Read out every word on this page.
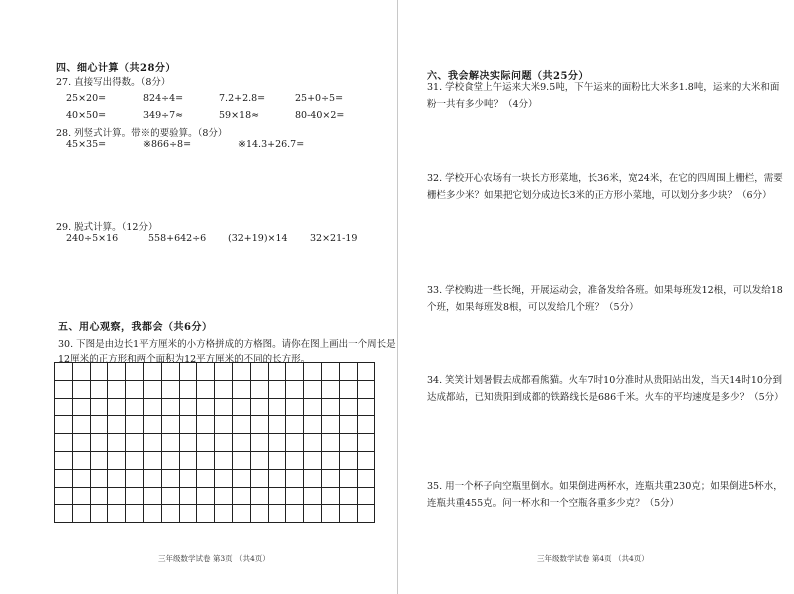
四、细心计算（共28分）
27. 直接写出得数。（8分）
25×20=	824÷4=	7.2+2.8=	25+0÷5=
40×50=	349÷7≈	59×18≈	80-40×2=
28. 列竖式计算。带※的要验算。（8分）
45×35=	※866÷8=	※14.3+26.7=
29. 脱式计算。（12分）
240÷5×16	558+642÷6 (32+19)×14 32×21-19
五、用心观察，我都会（共6分）
30. 下图是由边长1平方厘米的小方格拼成的方格图。请你在图上画出一个周长是
12厘米的正方形和两个面积为12平方厘米的不同的长方形。
三年级数学试卷 第3页 （共4页）
六、我会解决实际问题（共25分）
31. 学校食堂上午运来大米9.5吨，下午运来的面粉比大米多1.8吨，运来的大米和面粉一共有多少吨？（4分）
32. 学校开心农场有一块长方形菜地，长36米，宽24米，在它的四周围上栅栏，需要栅栏多少米？如果把它划分成边长3米的正方形小菜地，可以划分多少块？（6分）
33. 学校购进一些长绳，开展运动会，准备发给各班。如果每班发12根，可以发给18个班，如果每班发8根，可以发给几个班？（5分）
34. 笑笑计划暑假去成都看熊猫。火车7时10分准时从贵阳站出发，当天14时10分到达成都站，已知贵阳到成都的铁路线长是686千米。火车的平均速度是多少？（5分）
35. 用一个杯子向空瓶里倒水。如果倒进两杯水，连瓶共重230克；如果倒进5杯水，连瓶共重455克。问一杯水和一个空瓶各重多少克？（5分）
三年级数学试卷 第4页 （共4页）
